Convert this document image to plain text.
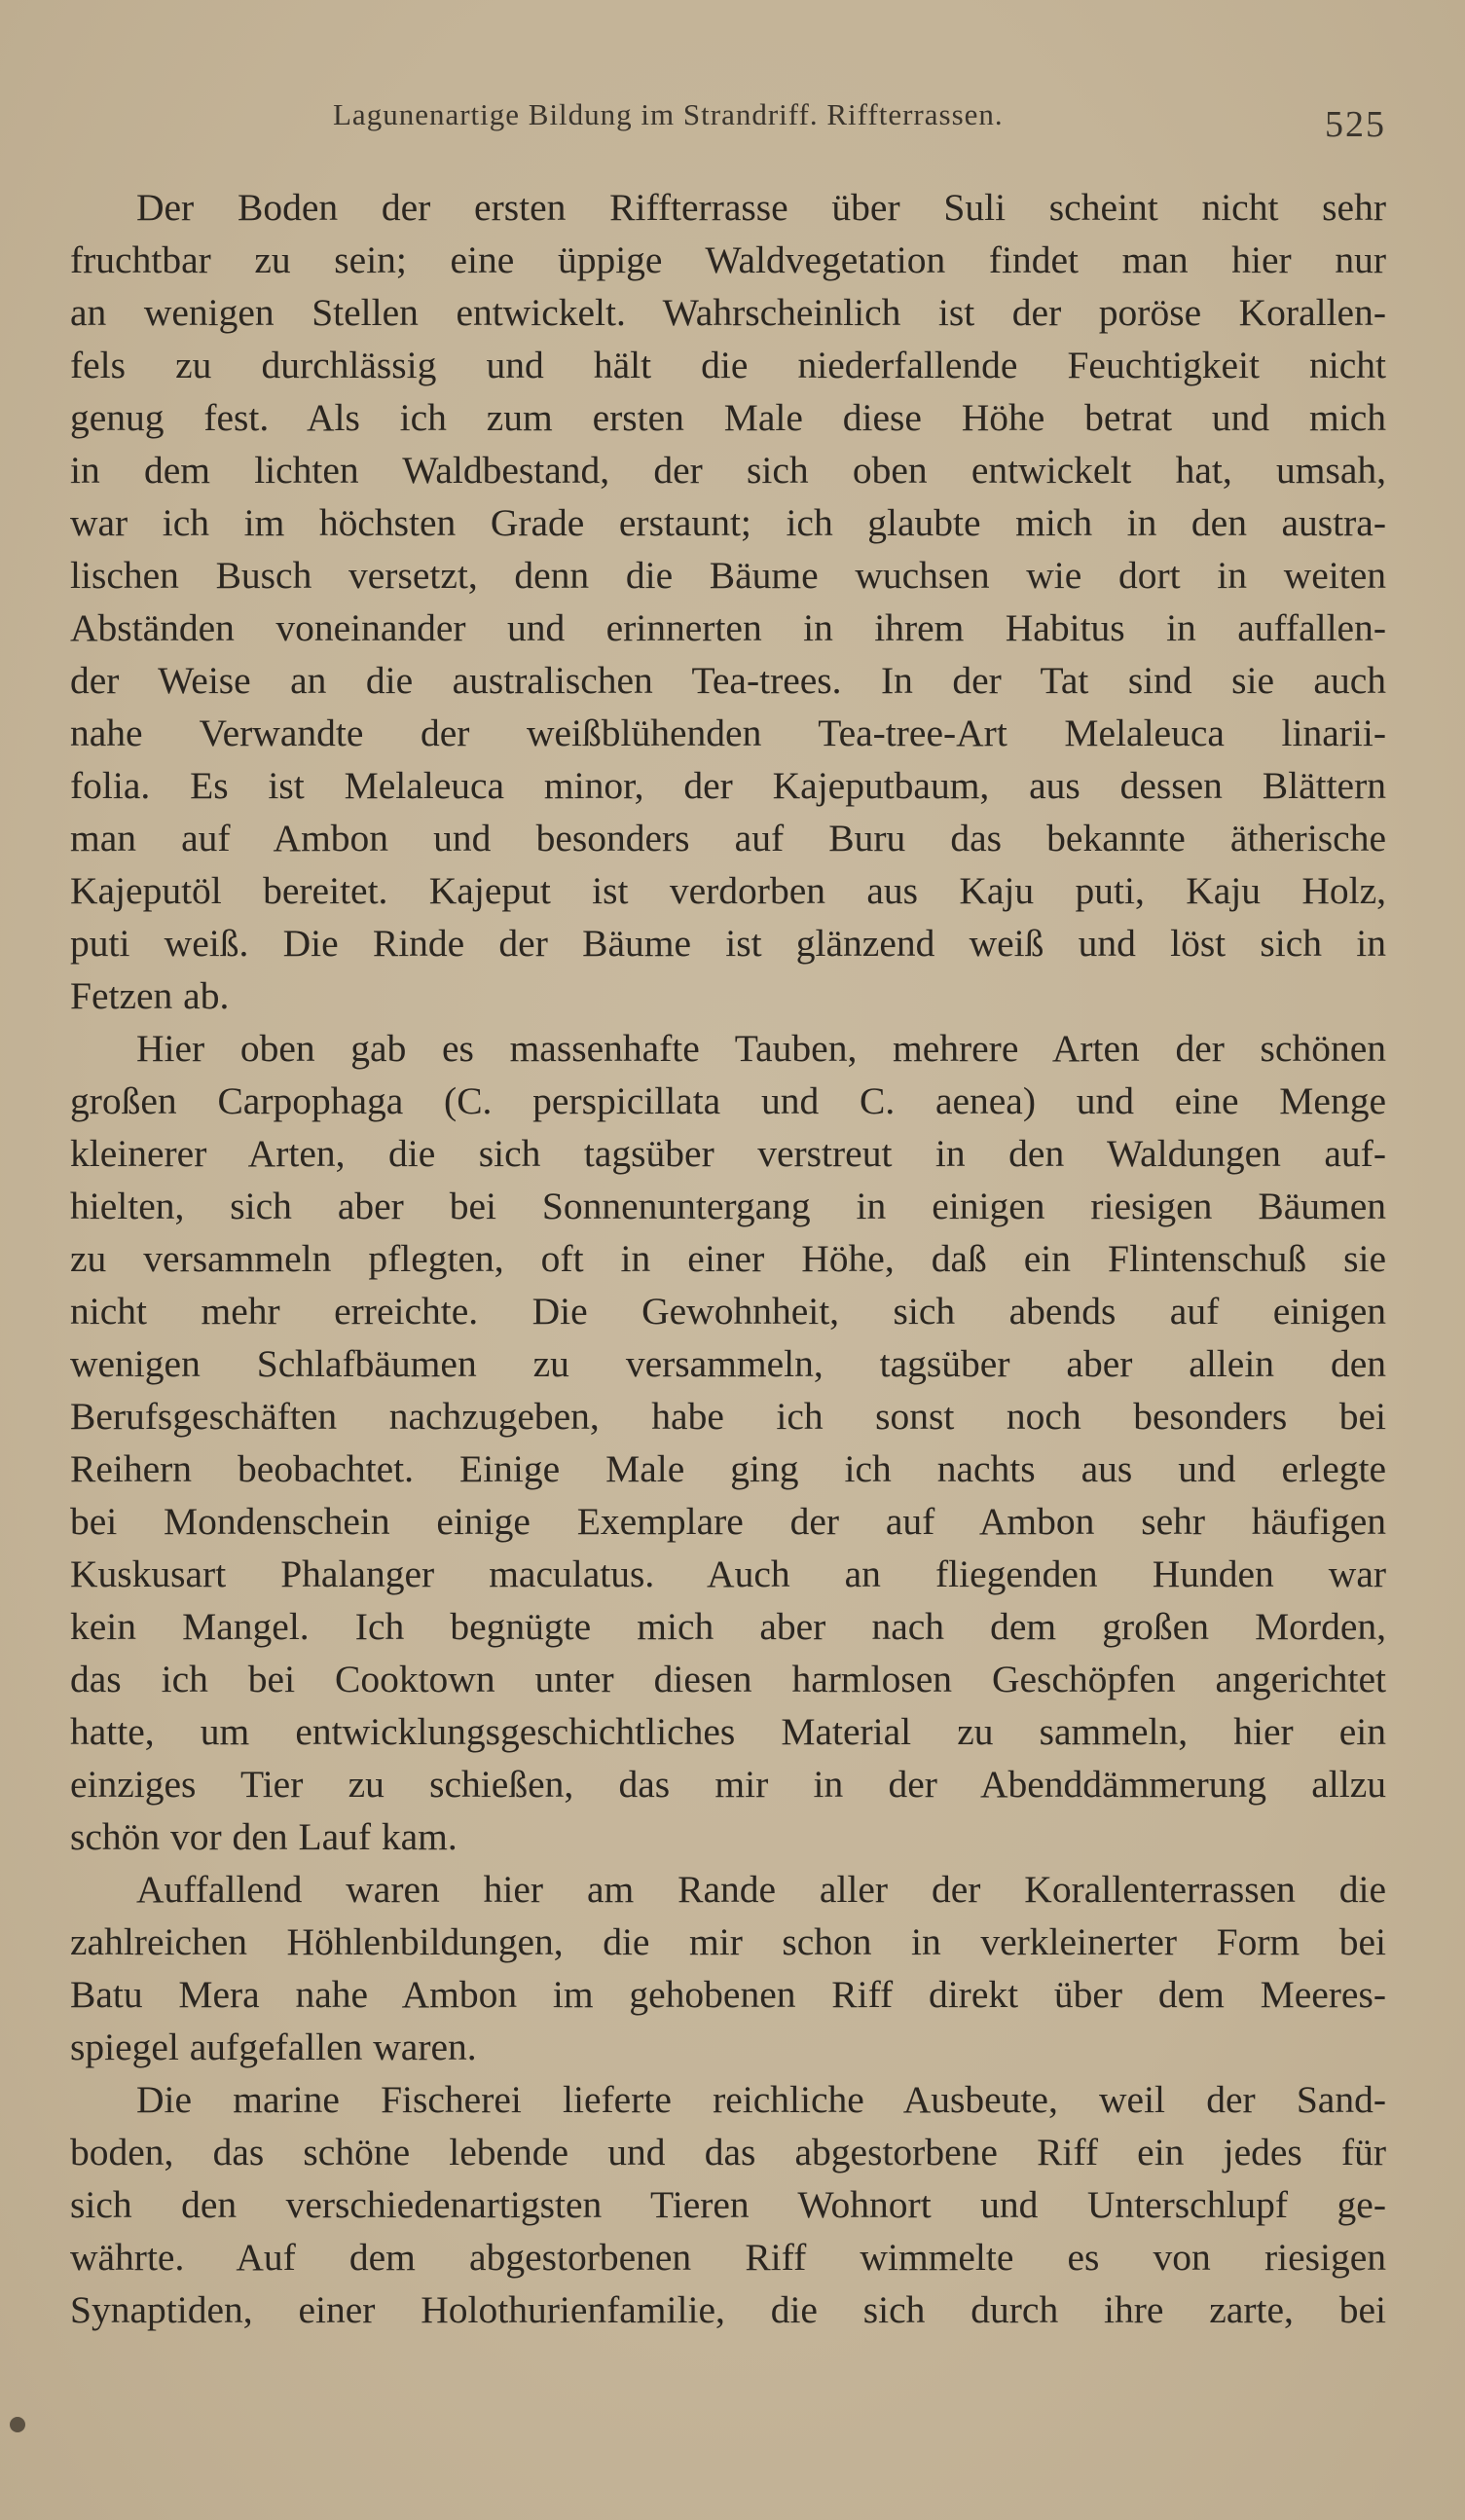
Lagunenartige Bildung im Strandriff. Riffterrassen.	525
Der Boden der ersten Riffterrasse über Suli scheint nicht sehr
fruchtbar zu sein; eine üppige Waldvegetation findet man hier nur
an wenigen Stellen entwickelt. Wahrscheinlich ist der poröse Korallen-
fels zu durchlässig und hält die niederfallende Feuchtigkeit nicht
genug fest. Als ich zum ersten Male diese Höhe betrat und mich
in dem lichten Waldbestand, der sich oben entwickelt hat, umsah,
war ich im höchsten Grade erstaunt; ich glaubte mich in den austra-
lischen Busch versetzt, denn die Bäume wuchsen wie dort in weiten
Abständen voneinander und erinnerten in ihrem Habitus in auffallen-
der Weise an die australischen Tea-trees. In der Tat sind sie auch
nahe Verwandte der weißblühenden Tea-tree-Art Melaleuca linarii-
folia. Es ist Melaleuca minor, der Kajeputbaum, aus dessen Blättern
man auf Ambon und besonders auf Buru das bekannte ätherische
Kajeputöl bereitet. Kajeput ist verdorben aus Kaju puti, Kaju Holz,
puti weiß. Die Rinde der Bäume ist glänzend weiß und löst sich in
Fetzen ab.
Hier oben gab es massenhafte Tauben, mehrere Arten der schönen
großen Carpophaga (C. perspicillata und C. aenea) und eine Menge
kleinerer Arten, die sich tagsüber verstreut in den Waldungen auf-
hielten, sich aber bei Sonnenuntergang in einigen riesigen Bäumen
zu versammeln pflegten, oft in einer Höhe, daß ein Flintenschuß sie
nicht mehr erreichte. Die Gewohnheit, sich abends auf einigen
wenigen Schlafbäumen zu versammeln, tagsüber aber allein den
Berufsgeschäften nachzugeben, habe ich sonst noch besonders bei
Reihern beobachtet. Einige Male ging ich nachts aus und erlegte
bei Mondenschein einige Exemplare der auf Ambon sehr häufigen
Kuskusart Phalanger maculatus. Auch an fliegenden Hunden war
kein Mangel. Ich begnügte mich aber nach dem großen Morden,
das ich bei Cooktown unter diesen harmlosen Geschöpfen angerichtet
hatte, um entwicklungsgeschichtliches Material zu sammeln, hier ein
einziges Tier zu schießen, das mir in der Abenddämmerung allzu
schön vor den Lauf kam.
Auffallend waren hier am Rande aller der Korallenterrassen die
zahlreichen Höhlenbildungen, die mir schon in verkleinerter Form bei
Batu Mera nahe Ambon im gehobenen Riff direkt über dem Meeres-
spiegel aufgefallen waren.
Die marine Fischerei lieferte reichliche Ausbeute, weil der Sand-
boden, das schöne lebende und das abgestorbene Riff ein jedes für
sich den verschiedenartigsten Tieren Wohnort und Unterschlupf ge-
währte. Auf dem abgestorbenen Riff wimmelte es von riesigen
Synaptiden, einer Holothurienfamilie, die sich durch ihre zarte, bei
